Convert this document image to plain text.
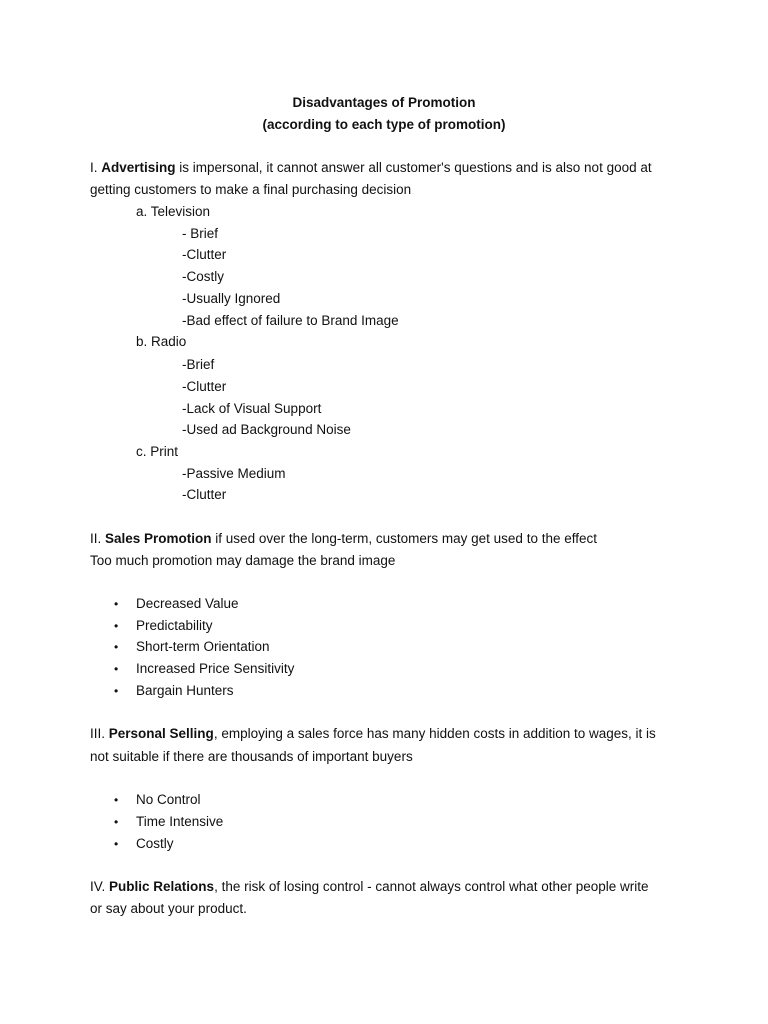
Disadvantages of Promotion
(according to each type of promotion)
I. Advertising is impersonal, it cannot answer all customer's questions and is also not good at
getting customers to make a final purchasing decision
a. Television
- Brief
-Clutter
-Costly
-Usually Ignored
-Bad effect of failure to Brand Image
b. Radio
-Brief
-Clutter
-Lack of Visual Support
-Used ad Background Noise
c. Print
-Passive Medium
-Clutter
II. Sales Promotion if used over the long-term, customers may get used to the effect
Too much promotion may damage the brand image
• Decreased Value
• Predictability
• Short-term Orientation
• Increased Price Sensitivity
• Bargain Hunters
III. Personal Selling, employing a sales force has many hidden costs in addition to wages, it is
not suitable if there are thousands of important buyers
• No Control
• Time Intensive
• Costly
IV. Public Relations, the risk of losing control - cannot always control what other people write
or say about your product.
